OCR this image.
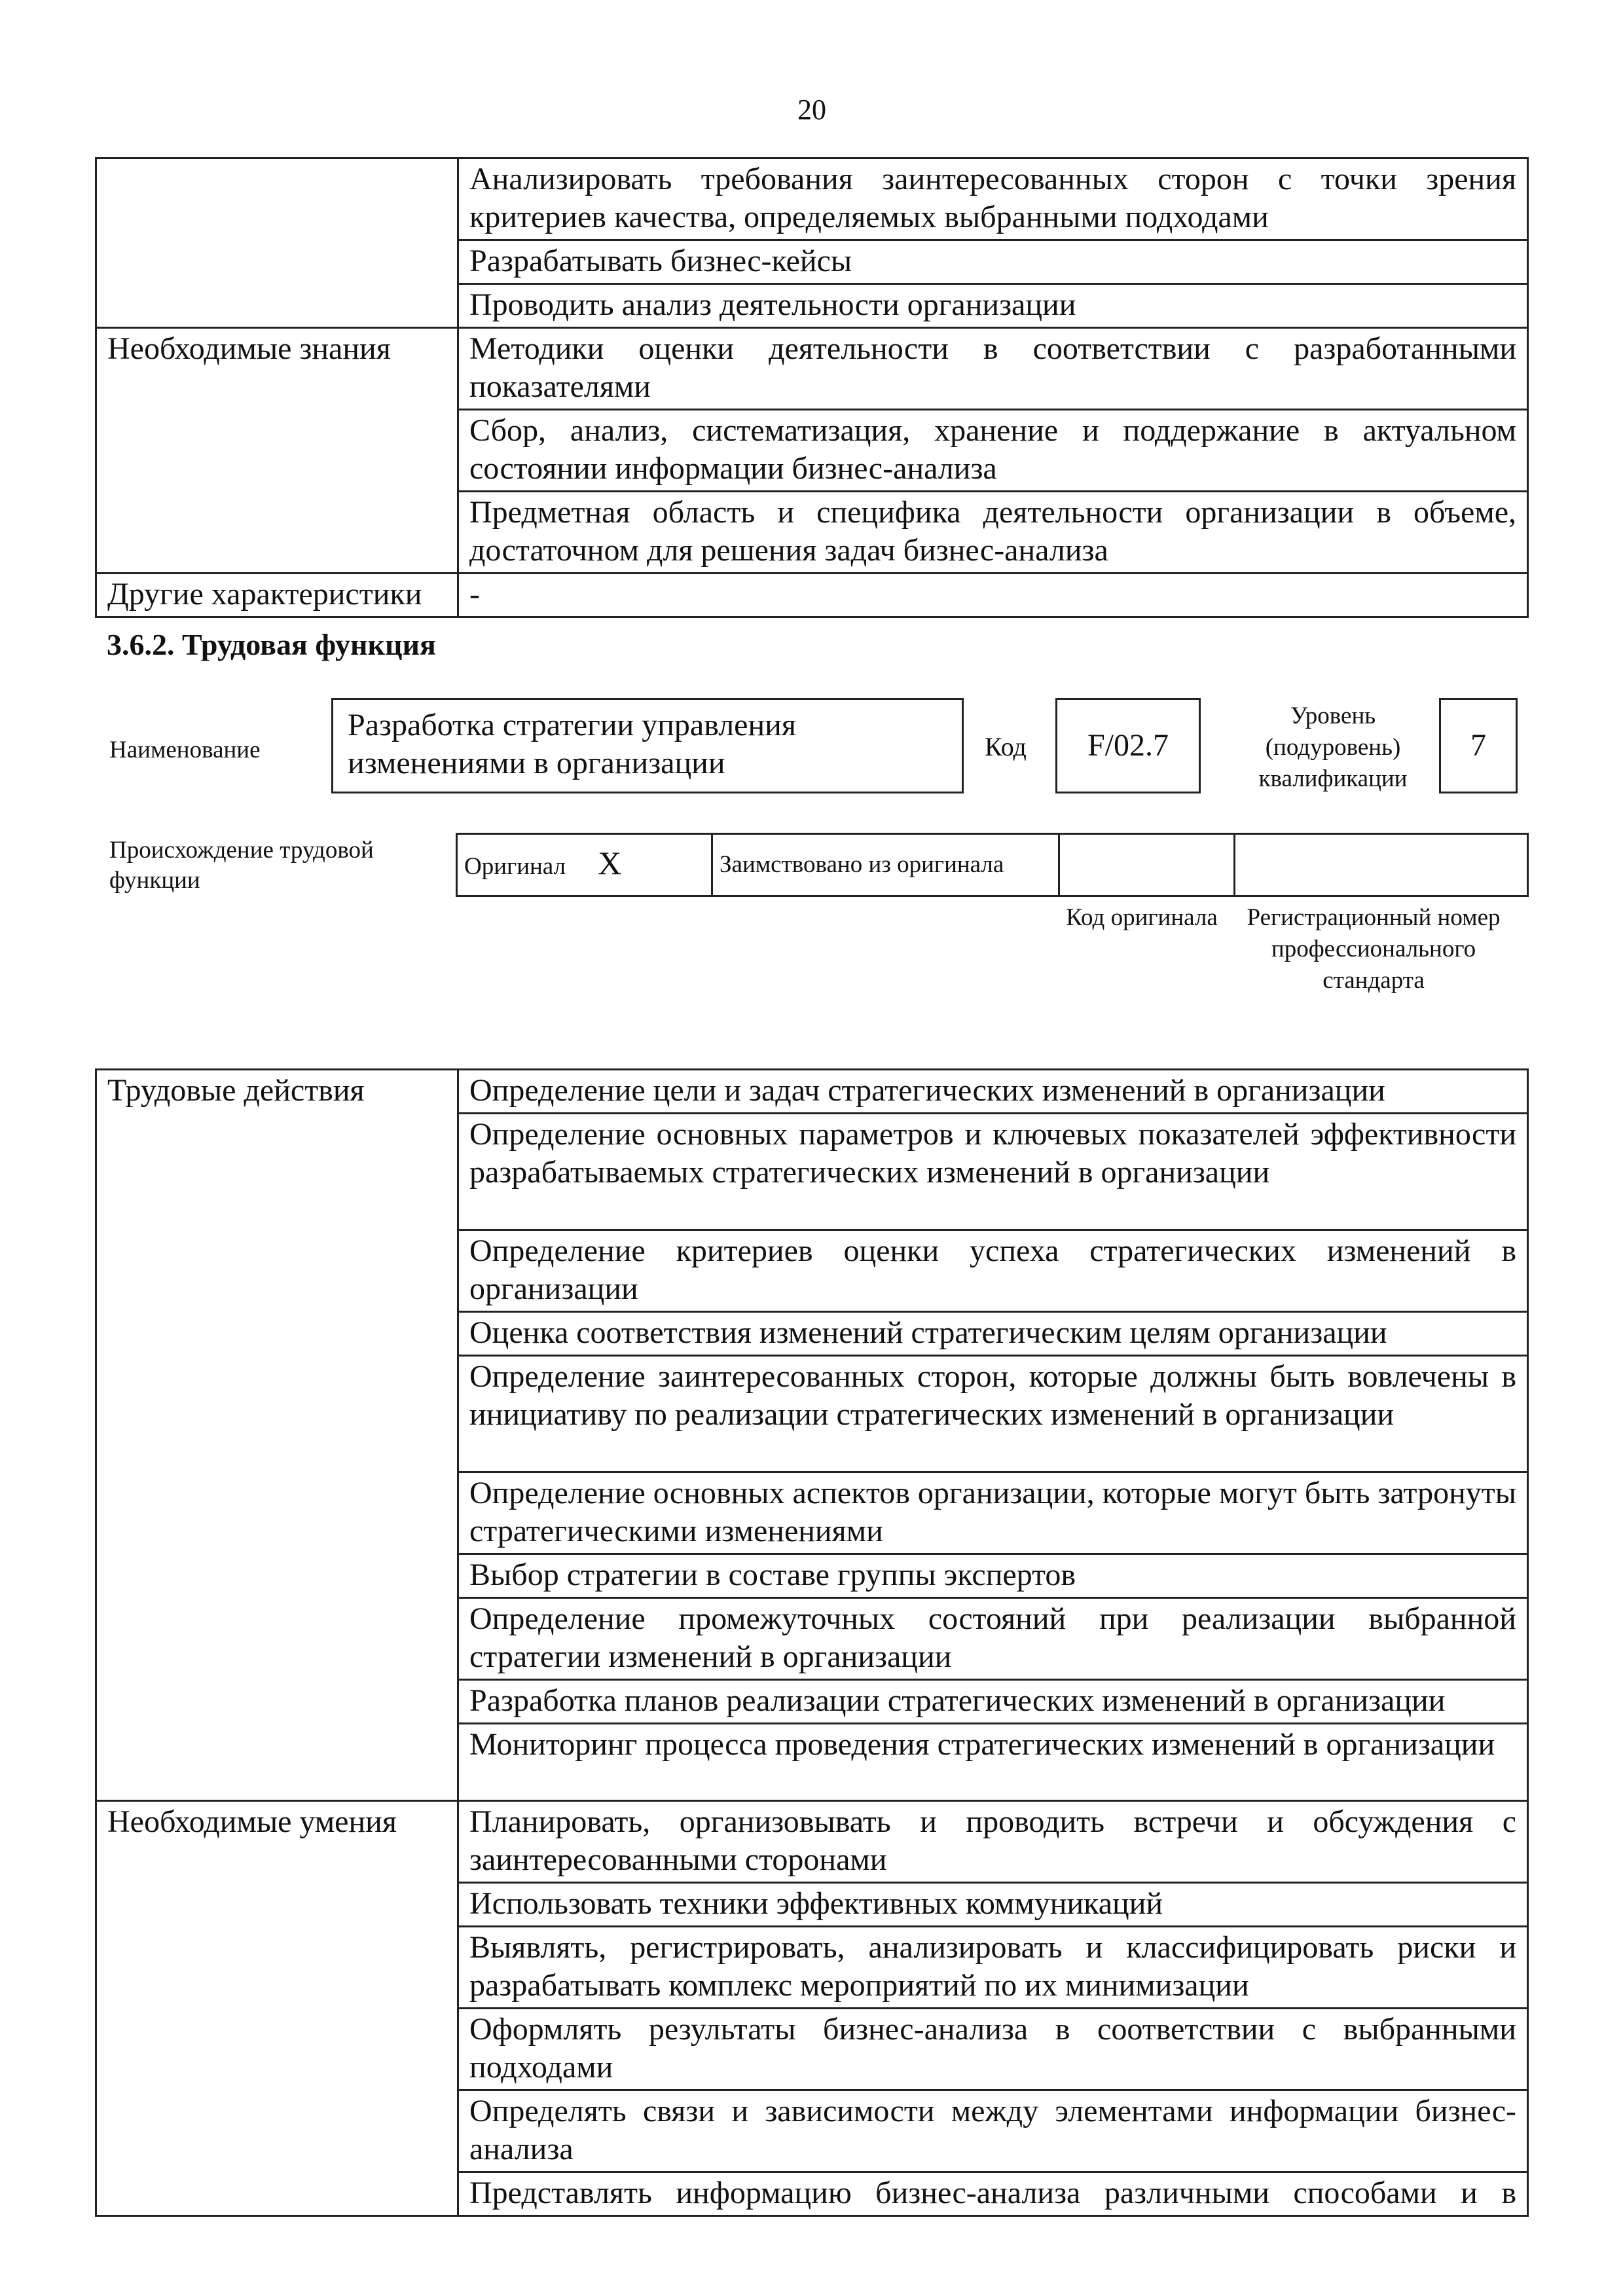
20
	Анализировать требования заинтересованных сторон с точки зрения критериев качества, определяемых выбранными подходами
	Разрабатывать бизнес-кейсы
	Проводить анализ деятельности организации
Необходимые знания	Методики оценки деятельности в соответствии с разработанными показателями
	Сбор, анализ, систематизация, хранение и поддержание в актуальном состоянии информации бизнес-анализа
	Предметная область и специфика деятельности организации в объеме, достаточном для решения задач бизнес-анализа
Другие характеристики	-
3.6.2. Трудовая функция
Наименование
Разработка стратегии управления изменениями в организации	Код	F/02.7
Уровень (подуровень) квалификации
7
Происхождение трудовой функции
Оригинал X	Заимствовано из оригинала		
Код оригинала	Регистрационный номер профессионального стандарта
Трудовые действия	Определение цели и задач стратегических изменений в организации
	Определение основных параметров и ключевых показателей эффективности разрабатываемых стратегических изменений в организации
	Определение критериев оценки успеха стратегических изменений в организации
	Оценка соответствия изменений стратегическим целям организации
	Определение заинтересованных сторон, которые должны быть вовлечены в инициативу по реализации стратегических изменений в организации
	Определение основных аспектов организации, которые могут быть затронуты стратегическими изменениями
	Выбор стратегии в составе группы экспертов
	Определение промежуточных состояний при реализации выбранной стратегии изменений в организации
	Разработка планов реализации стратегических изменений в организации
	Мониторинг процесса проведения стратегических изменений в организации
Необходимые умения	Планировать, организовывать и проводить встречи и обсуждения с заинтересованными сторонами
	Использовать техники эффективных коммуникаций
	Выявлять, регистрировать, анализировать и классифицировать риски и разрабатывать комплекс мероприятий по их минимизации
	Оформлять результаты бизнес-анализа в соответствии с выбранными подходами
	Определять связи и зависимости между элементами информации бизнес-анализа
	Представлять информацию бизнес-анализа различными способами и в
